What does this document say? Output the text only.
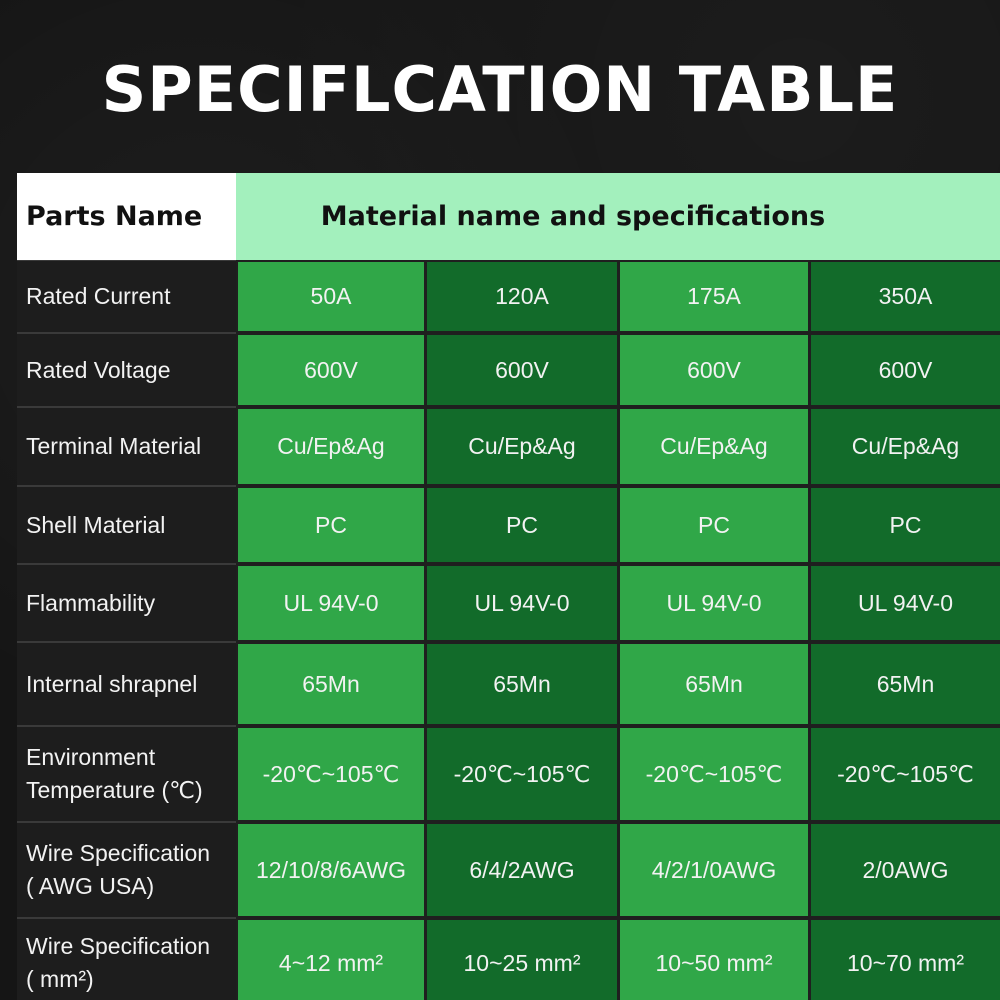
SPECIFLCATION TABLE
Parts Name	Material name and specifications
Rated Current	50A	120A	175A	350A
Rated Voltage	600V	600V	600V	600V
Terminal Material	Cu/Ep&Ag	Cu/Ep&Ag	Cu/Ep&Ag	Cu/Ep&Ag
Shell Material	PC	PC	PC	PC
Flammability	UL 94V-0	UL 94V-0	UL 94V-0	UL 94V-0
Internal shrapnel	65Mn	65Mn	65Mn	65Mn
Environment
Temperature (℃)
-20℃~105℃	-20℃~105℃	-20℃~105℃	-20℃~105℃
Wire Specification
( AWG USA)
12/10/8/6AWG	6/4/2AWG	4/2/1/0AWG	2/0AWG
Wire Specification
( mm²)
4~12 mm²	10~25 mm²	10~50 mm²	10~70 mm²
